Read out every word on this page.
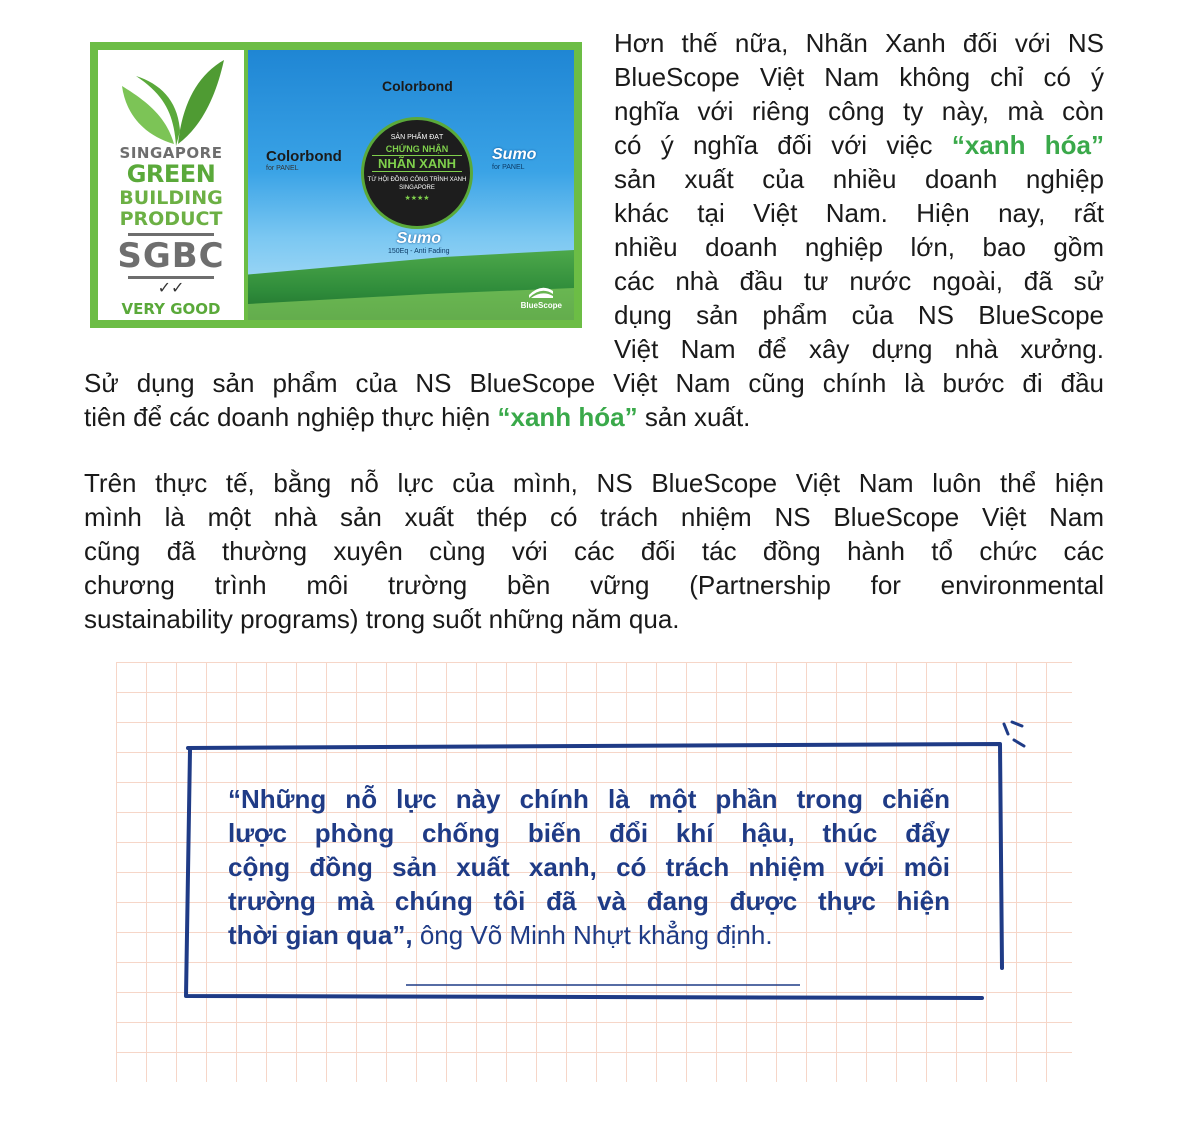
SINGAPORE
GREEN
BUILDING
PRODUCT
SGBC
✓✓
VERY GOOD
Colorbond
Colorbond
for PANEL
Sumo
for PANEL
SẢN PHẨM ĐẠT
CHỨNG NHẬN
NHÃN XANH
TỪ HỘI ĐỒNG CÔNG TRÌNH XANH SINGAPORE
★★★★
Sumo
150Eq - Anti Fading
BlueScope
Hơn thế nữa, Nhãn Xanh đối với NS
BlueScope Việt Nam không chỉ có ý
nghĩa với riêng công ty này, mà còn
có ý nghĩa đối với việc “xanh hóa”
sản xuất của nhiều doanh nghiệp
khác tại Việt Nam. Hiện nay, rất
nhiều doanh nghiệp lớn, bao gồm
các nhà đầu tư nước ngoài, đã sử
dụng sản phẩm của NS BlueScope
Việt Nam để xây dựng nhà xưởng.
Sử dụng sản phẩm của NS BlueScope Việt Nam cũng chính là bước đi đầu
tiên để các doanh nghiệp thực hiện “xanh hóa” sản xuất.
Trên thực tế, bằng nỗ lực của mình, NS BlueScope Việt Nam luôn thể hiện
mình là một nhà sản xuất thép có trách nhiệm NS BlueScope Việt Nam
cũng đã thường xuyên cùng với các đối tác đồng hành tổ chức các
chương trình môi trường bền vững (Partnership for environmental
sustainability programs) trong suốt những năm qua.
“Những nỗ lực này chính là một phần trong chiến
lược phòng chống biến đổi khí hậu, thúc đẩy
cộng đồng sản xuất xanh, có trách nhiệm với môi
trường mà chúng tôi đã và đang được thực hiện
thời gian qua”, ông Võ Minh Nhựt khẳng định.
